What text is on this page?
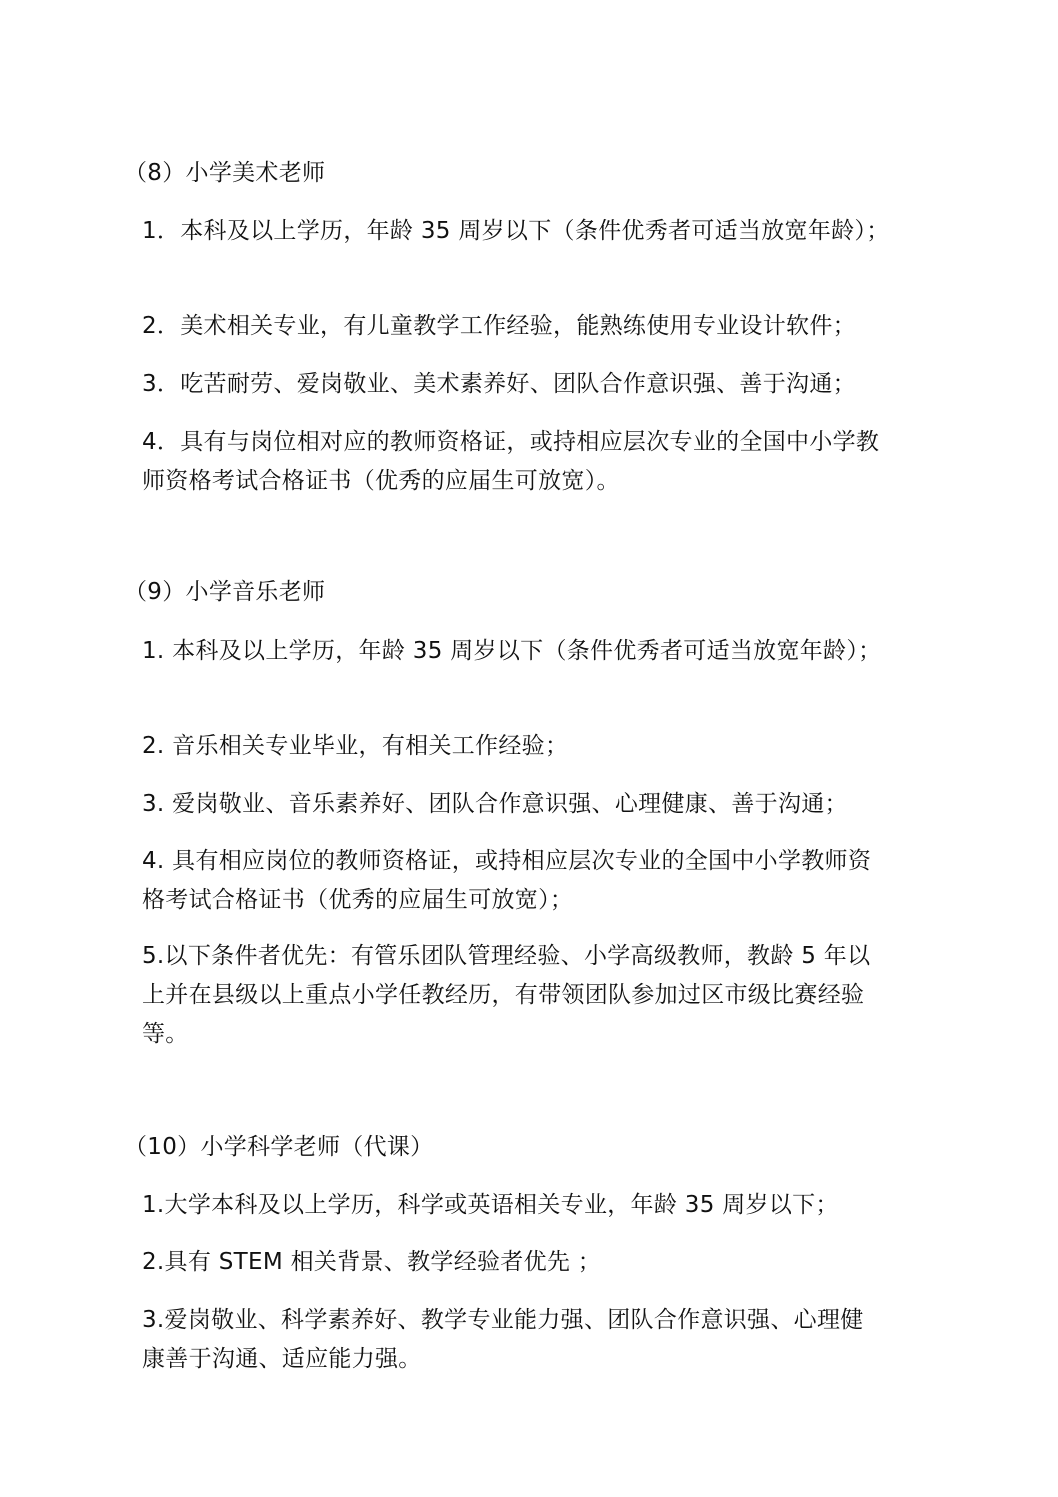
（8）小学美术老师
1．本科及以上学历，年龄 35 周岁以下（条件优秀者可适当放宽年龄）；
2．美术相关专业，有儿童教学工作经验，能熟练使用专业设计软件；
3．吃苦耐劳、爱岗敬业、美术素养好、团队合作意识强、善于沟通；
4．具有与岗位相对应的教师资格证，或持相应层次专业的全国中小学教
师资格考试合格证书（优秀的应届生可放宽）。
（9）小学音乐老师
1. 本科及以上学历，年龄 35 周岁以下（条件优秀者可适当放宽年龄）；
2. 音乐相关专业毕业，有相关工作经验；
3. 爱岗敬业、音乐素养好、团队合作意识强、心理健康、善于沟通；
4. 具有相应岗位的教师资格证，或持相应层次专业的全国中小学教师资
格考试合格证书（优秀的应届生可放宽）；
5.以下条件者优先：有管乐团队管理经验、小学高级教师，教龄 5 年以
上并在县级以上重点小学任教经历，有带领团队参加过区市级比赛经验
等。
（10）小学科学老师（代课）
1.大学本科及以上学历，科学或英语相关专业，年龄 35 周岁以下；
2.具有 STEM 相关背景、教学经验者优先 ；
3.爱岗敬业、科学素养好、教学专业能力强、团队合作意识强、心理健
康善于沟通、适应能力强。
